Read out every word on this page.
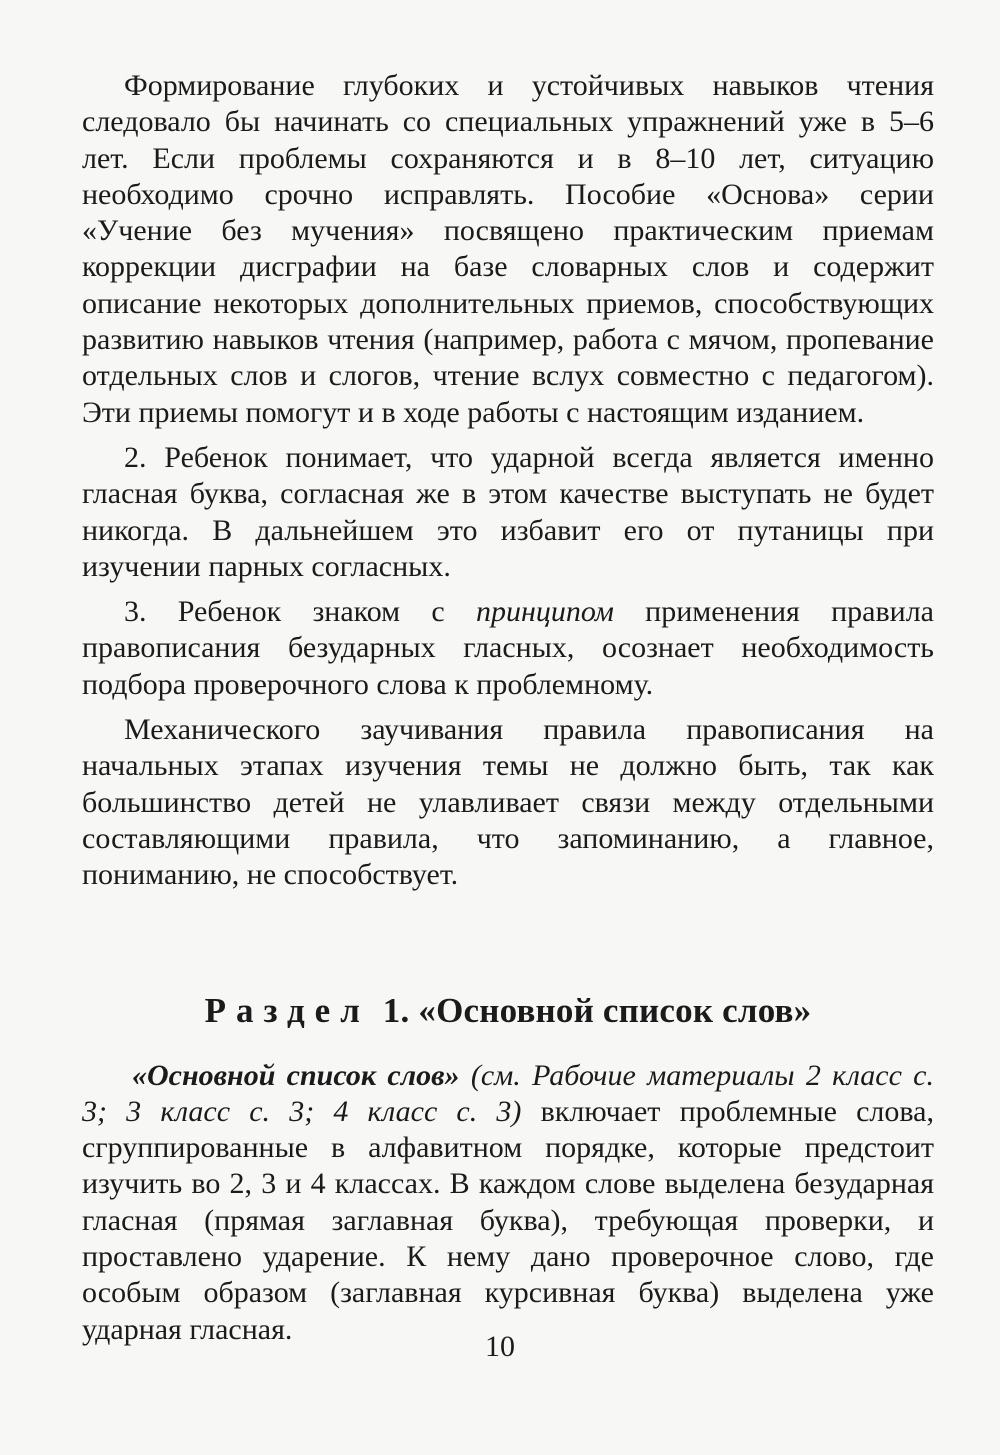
Формирование глубоких и устойчивых навыков чтения следовало бы начинать со специальных упражнений уже в 5–6 лет. Если проблемы сохраняются и в 8–10 лет, ситуацию необходимо срочно исправлять. Пособие «Основа» серии «Учение без мучения» посвящено практическим приемам коррекции дисграфии на базе словарных слов и содержит описание некоторых дополнительных приемов, способствующих развитию навыков чтения (например, работа с мячом, пропевание отдельных слов и слогов, чтение вслух совместно с педагогом). Эти приемы помогут и в ходе работы с настоящим изданием.

2. Ребенок понимает, что ударной всегда является именно гласная буква, согласная же в этом качестве выступать не будет никогда. В дальнейшем это избавит его от путаницы при изучении парных согласных.

3. Ребенок знаком с принципом применения правила правописания безударных гласных, осознает необходимость подбора проверочного слова к проблемному.

Механического заучивания правила правописания на начальных этапах изучения темы не должно быть, так как большинство детей не улавливает связи между отдельными составляющими правила, что запоминанию, а главное, пониманию, не способствует.

Раздел 1. «Основной список слов»

«Основной список слов» (см. Рабочие материалы 2 класс с. 3; 3 класс с. 3; 4 класс с. 3) включает проблемные слова, сгруппированные в алфавитном порядке, которые предстоит изучить во 2, 3 и 4 классах. В каждом слове выделена безударная гласная (прямая заглавная буква), требующая проверки, и проставлено ударение. К нему дано проверочное слово, где особым образом (заглавная курсивная буква) выделена уже ударная гласная.

10
